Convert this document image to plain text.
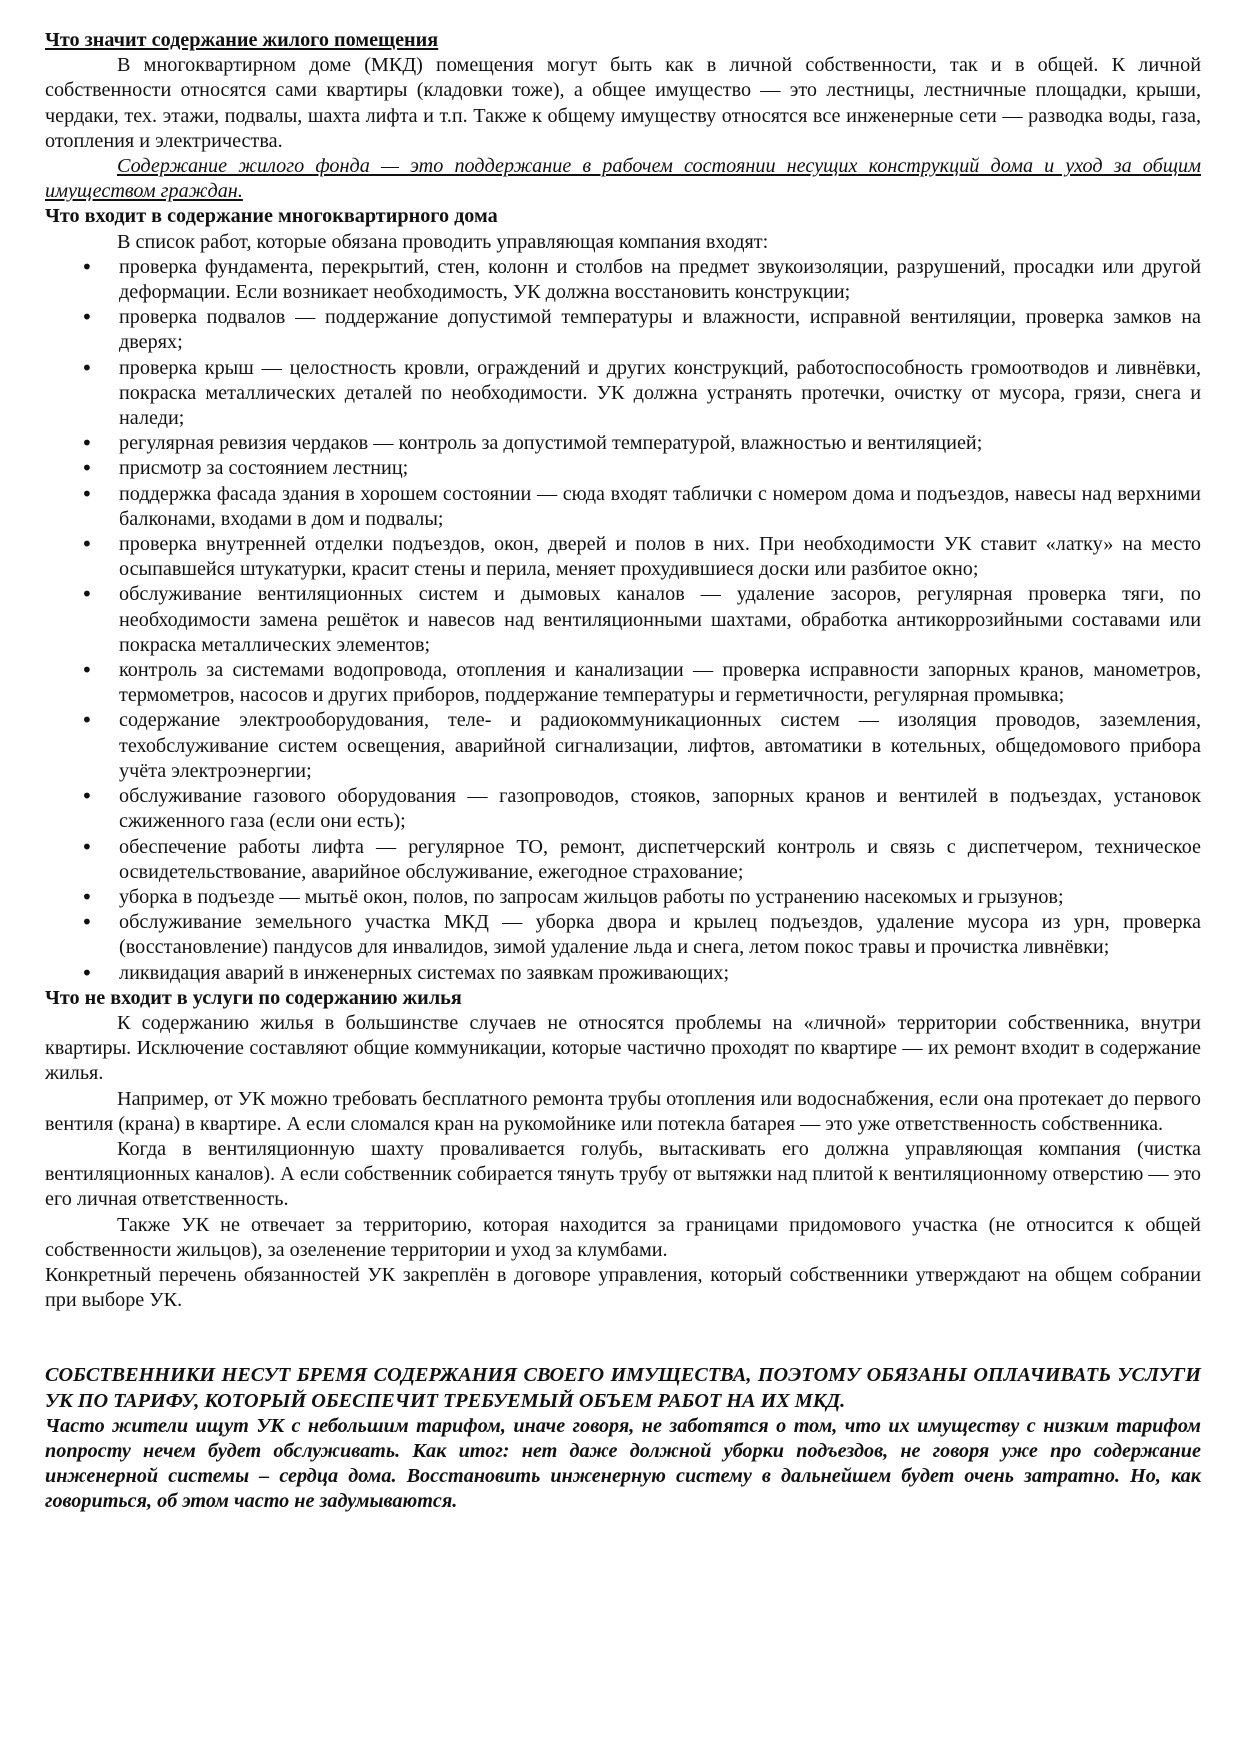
Что значит содержание жилого помещения

В многоквартирном доме (МКД) помещения могут быть как в личной собственности, так и в общей. К личной собственности относятся сами квартиры (кладовки тоже), а общее имущество — это лестницы, лестничные площадки, крыши, чердаки, тех. этажи, подвалы, шахта лифта и т.п. Также к общему имуществу относятся все инженерные сети — разводка воды, газа, отопления и электричества.

Содержание жилого фонда — это поддержание в рабочем состоянии несущих конструкций дома и уход за общим имуществом граждан.

Что входит в содержание многоквартирного дома

В список работ, которые обязана проводить управляющая компания входят:

• проверка фундамента, перекрытий, стен, колонн и столбов на предмет звукоизоляции, разрушений, просадки или другой деформации. Если возникает необходимость, УК должна восстановить конструкции;
• проверка подвалов — поддержание допустимой температуры и влажности, исправной вентиляции, проверка замков на дверях;
• проверка крыш — целостность кровли, ограждений и других конструкций, работоспособность громоотводов и ливнёвки, покраска металлических деталей по необходимости. УК должна устранять протечки, очистку от мусора, грязи, снега и наледи;
• регулярная ревизия чердаков — контроль за допустимой температурой, влажностью и вентиляцией;
• присмотр за состоянием лестниц;
• поддержка фасада здания в хорошем состоянии — сюда входят таблички с номером дома и подъездов, навесы над верхними балконами, входами в дом и подвалы;
• проверка внутренней отделки подъездов, окон, дверей и полов в них. При необходимости УК ставит «латку» на место осыпавшейся штукатурки, красит стены и перила, меняет прохудившиеся доски или разбитое окно;
• обслуживание вентиляционных систем и дымовых каналов — удаление засоров, регулярная проверка тяги, по необходимости замена решёток и навесов над вентиляционными шахтами, обработка антикоррозийными составами или покраска металлических элементов;
• контроль за системами водопровода, отопления и канализации — проверка исправности запорных кранов, манометров, термометров, насосов и других приборов, поддержание температуры и герметичности, регулярная промывка;
• содержание электрооборудования, теле- и радиокоммуникационных систем — изоляция проводов, заземления, техобслуживание систем освещения, аварийной сигнализации, лифтов, автоматики в котельных, общедомового прибора учёта электроэнергии;
• обслуживание газового оборудования — газопроводов, стояков, запорных кранов и вентилей в подъездах, установок сжиженного газа (если они есть);
• обеспечение работы лифта — регулярное ТО, ремонт, диспетчерский контроль и связь с диспетчером, техническое освидетельствование, аварийное обслуживание, ежегодное страхование;
• уборка в подъезде — мытьё окон, полов, по запросам жильцов работы по устранению насекомых и грызунов;
• обслуживание земельного участка МКД — уборка двора и крылец подъездов, удаление мусора из урн, проверка (восстановление) пандусов для инвалидов, зимой удаление льда и снега, летом покос травы и прочистка ливнёвки;
• ликвидация аварий в инженерных системах по заявкам проживающих;

Что не входит в услуги по содержанию жилья

К содержанию жилья в большинстве случаев не относятся проблемы на «личной» территории собственника, внутри квартиры. Исключение составляют общие коммуникации, которые частично проходят по квартире — их ремонт входит в содержание жилья.

Например, от УК можно требовать бесплатного ремонта трубы отопления или водоснабжения, если она протекает до первого вентиля (крана) в квартире. А если сломался кран на рукомойнике или потекла батарея — это уже ответственность собственника.

Когда в вентиляционную шахту проваливается голубь, вытаскивать его должна управляющая компания (чистка вентиляционных каналов). А если собственник собирается тянуть трубу от вытяжки над плитой к вентиляционному отверстию — это его личная ответственность.

Также УК не отвечает за территорию, которая находится за границами придомового участка (не относится к общей собственности жильцов), за озеленение территории и уход за клумбами.

Конкретный перечень обязанностей УК закреплён в договоре управления, который собственники утверждают на общем собрании при выборе УК.

СОБСТВЕННИКИ НЕСУТ БРЕМЯ СОДЕРЖАНИЯ СВОЕГО ИМУЩЕСТВА, ПОЭТОМУ ОБЯЗАНЫ ОПЛАЧИВАТЬ УСЛУГИ УК ПО ТАРИФУ, КОТОРЫЙ ОБЕСПЕЧИТ ТРЕБУЕМЫЙ ОБЪЕМ РАБОТ НА ИХ МКД.

Часто жители ищут УК с небольшим тарифом, иначе говоря, не заботятся о том, что их имуществу с низким тарифом попросту нечем будет обслуживать. Как итог: нет даже должной уборки подъездов, не говоря уже про содержание инженерной системы – сердца дома. Восстановить инженерную систему в дальнейшем будет очень затратно. Но, как говориться, об этом часто не задумываются.
